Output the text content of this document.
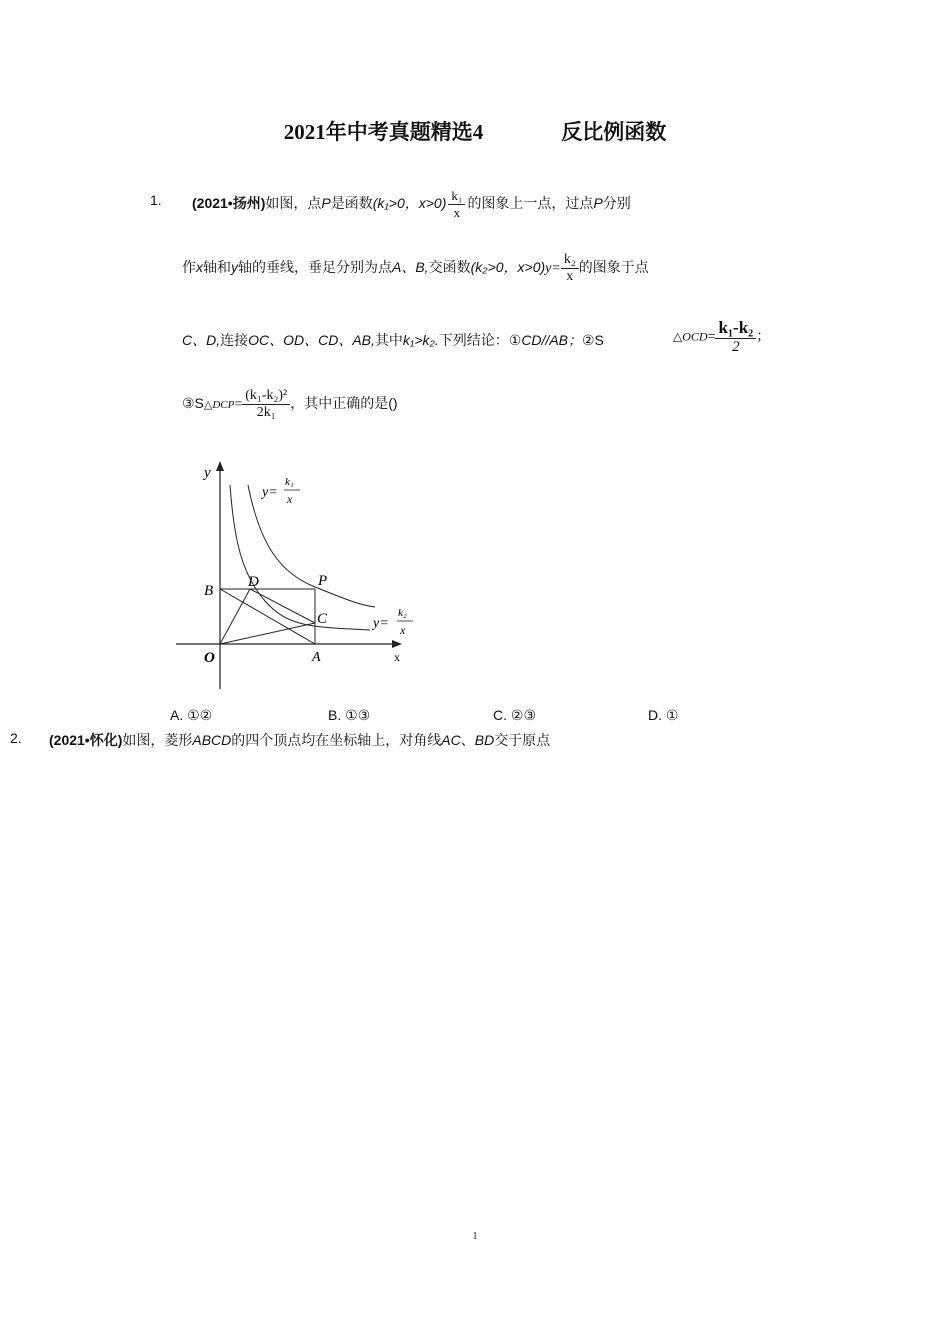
2021年中考真题精选4	反比例函数
1. (2021•扬州)如图，点P是函数(k₁>0，$x>0) \frac{\text{k₁}}{x}$ 的图象上一点，过点P分别
作x轴和y轴的垂线，垂足分别为点A、B,交函数(k₂>0，$x>0)y= \frac{\text{k₂}}{x}$ 的图象于点
C、D,连接OC、OD、CD、AB,其中k₁>k₂.下列结论：①CD//AB；②S	△OCD= $\frac{\text{k₁-k₂}}{2}$ ；
③S△DCP= $\frac{\text{(k₁-k₂)²}}{\text{2k₁}}$ ，其中正确的是()
y
x
O	A
B
C
D	P
y=
k₁
x
y=
k₂
x
A. ①②	B. ①③	C. ②③	D. ①
2. (2021•怀化)如图，菱形ABCD的四个顶点均在坐标轴上，对角线AC、BD交于原点
1
